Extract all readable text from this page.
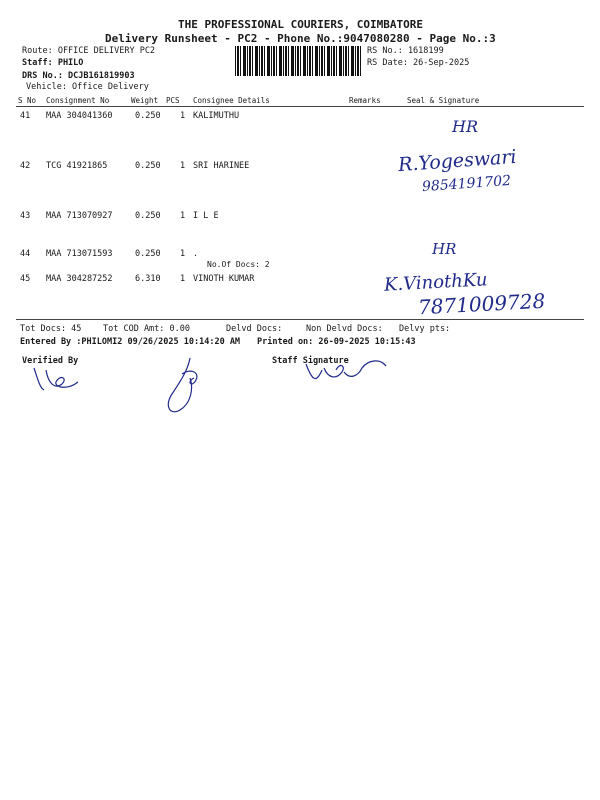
THE PROFESSIONAL COURIERS, COIMBATORE
Delivery Runsheet - PC2 - Phone No.:9047080280 - Page No.:3
Route: OFFICE DELIVERY PC2
Staff: PHILO
DRS No.: DCJB161819903
Vehicle: Office Delivery
RS No.: 1618199
RS Date: 26-Sep-2025
S No Consignment No	Weight PCS Consignee Details	Remarks	Seal & Signature
41 MAA 304041360	0.250 1 KALIMUTHU
42 TCG 41921865	0.250 1 SRI HARINEE
43 MAA 713070927	0.250 1 I L E
44 MAA 713071593	0.250 1 .
No.Of Docs: 2
45 MAA 304287252	6.310 1 VINOTH KUMAR
HR
R.Yogeswari
9854191702
HR
K.VinothKu
7871009728
Tot Docs: 45	Tot COD Amt: 0.00	Delvd Docs:	Non Delvd Docs: Delvy pts:
Entered By :PHILOMI2 09/26/2025 10:14:20 AM Printed on: 26-09-2025 10:15:43
Verified By	Staff Signature
